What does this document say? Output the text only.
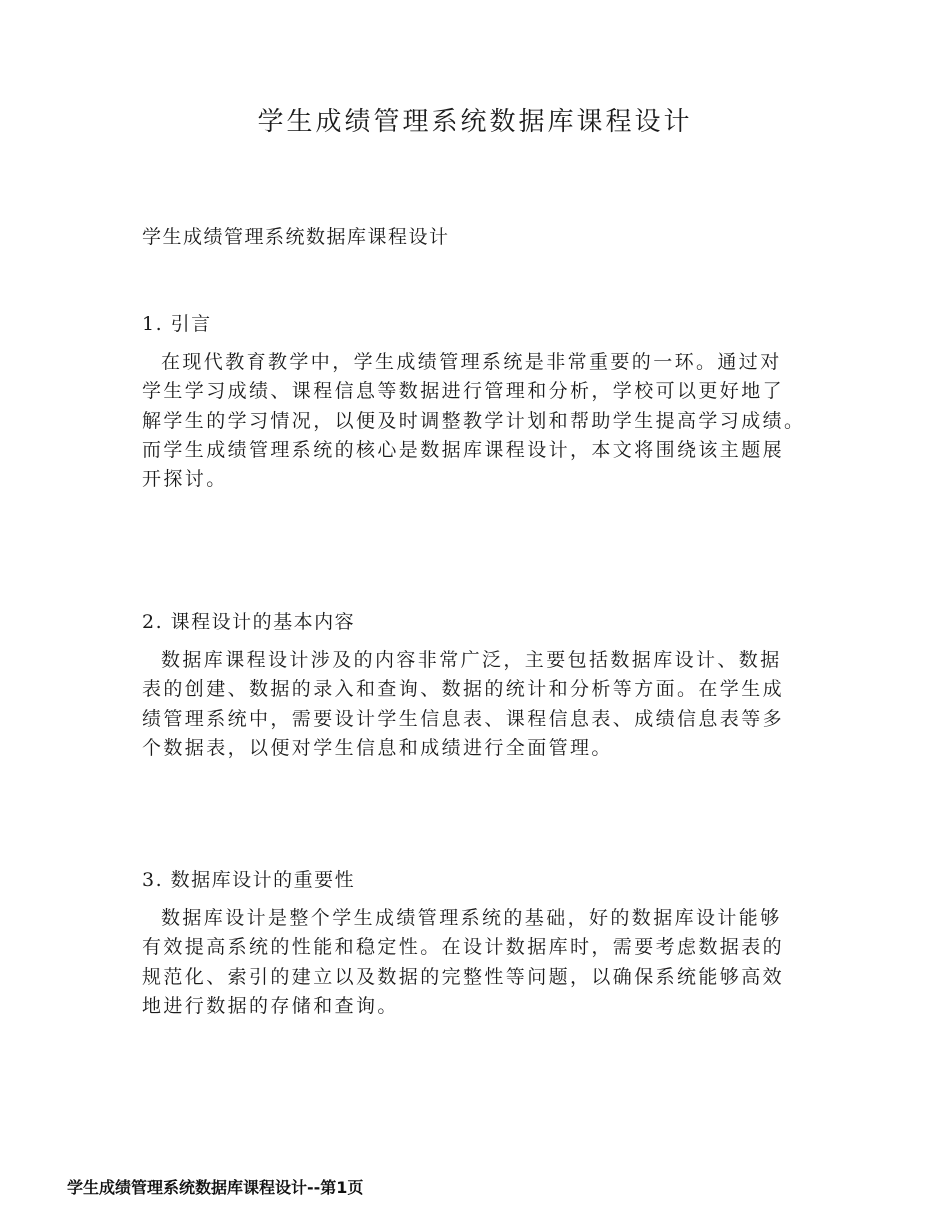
学生成绩管理系统数据库课程设计

学生成绩管理系统数据库课程设计

1. 引言
在现代教育教学中，学生成绩管理系统是非常重要的一环。通过对
学生学习成绩、课程信息等数据进行管理和分析，学校可以更好地了
解学生的学习情况，以便及时调整教学计划和帮助学生提高学习成绩。
而学生成绩管理系统的核心是数据库课程设计，本文将围绕该主题展
开探讨。
2. 课程设计的基本内容
数据库课程设计涉及的内容非常广泛，主要包括数据库设计、数据
表的创建、数据的录入和查询、数据的统计和分析等方面。在学生成
绩管理系统中，需要设计学生信息表、课程信息表、成绩信息表等多
个数据表，以便对学生信息和成绩进行全面管理。
3. 数据库设计的重要性
数据库设计是整个学生成绩管理系统的基础，好的数据库设计能够
有效提高系统的性能和稳定性。在设计数据库时，需要考虑数据表的
规范化、索引的建立以及数据的完整性等问题，以确保系统能够高效
地进行数据的存储和查询。

学生成绩管理系统数据库课程设计--第1页
